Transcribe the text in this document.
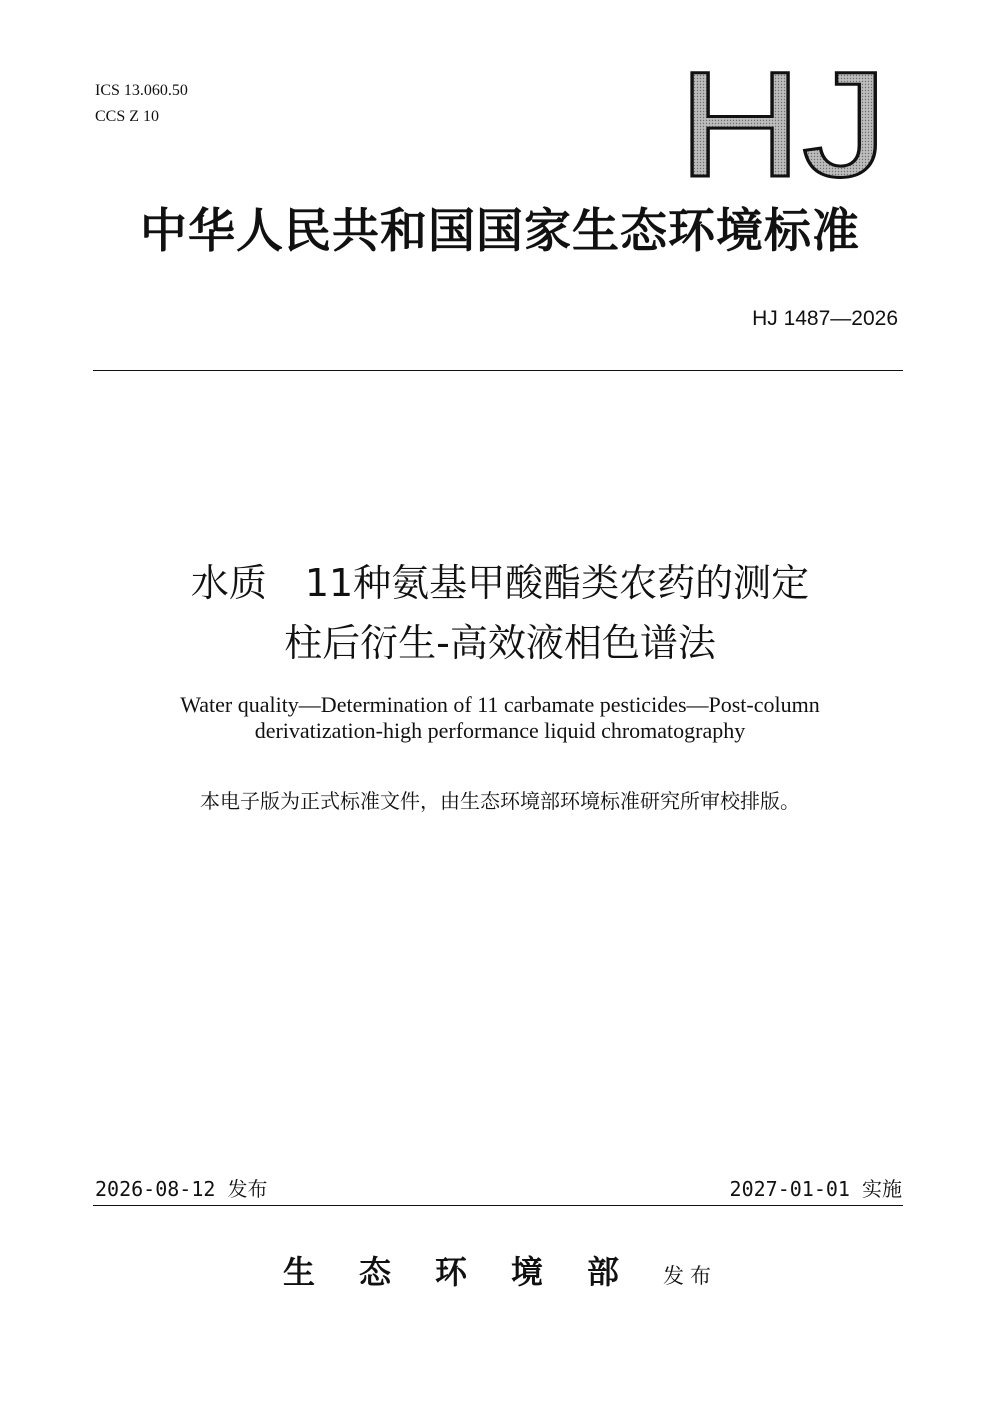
ICS 13.060.50
CCS Z 10	HJ
中华人民共和国国家生态环境标准
HJ 1487—2026
水质　11种氨基甲酸酯类农药的测定
柱后衍生-高效液相色谱法
Water quality—Determination of 11 carbamate pesticides—Post-column
derivatization-high performance liquid chromatography
本电子版为正式标准文件，由生态环境部环境标准研究所审校排版。
2026-08-12 发布	2027-01-01 实施
生态环境部发布
